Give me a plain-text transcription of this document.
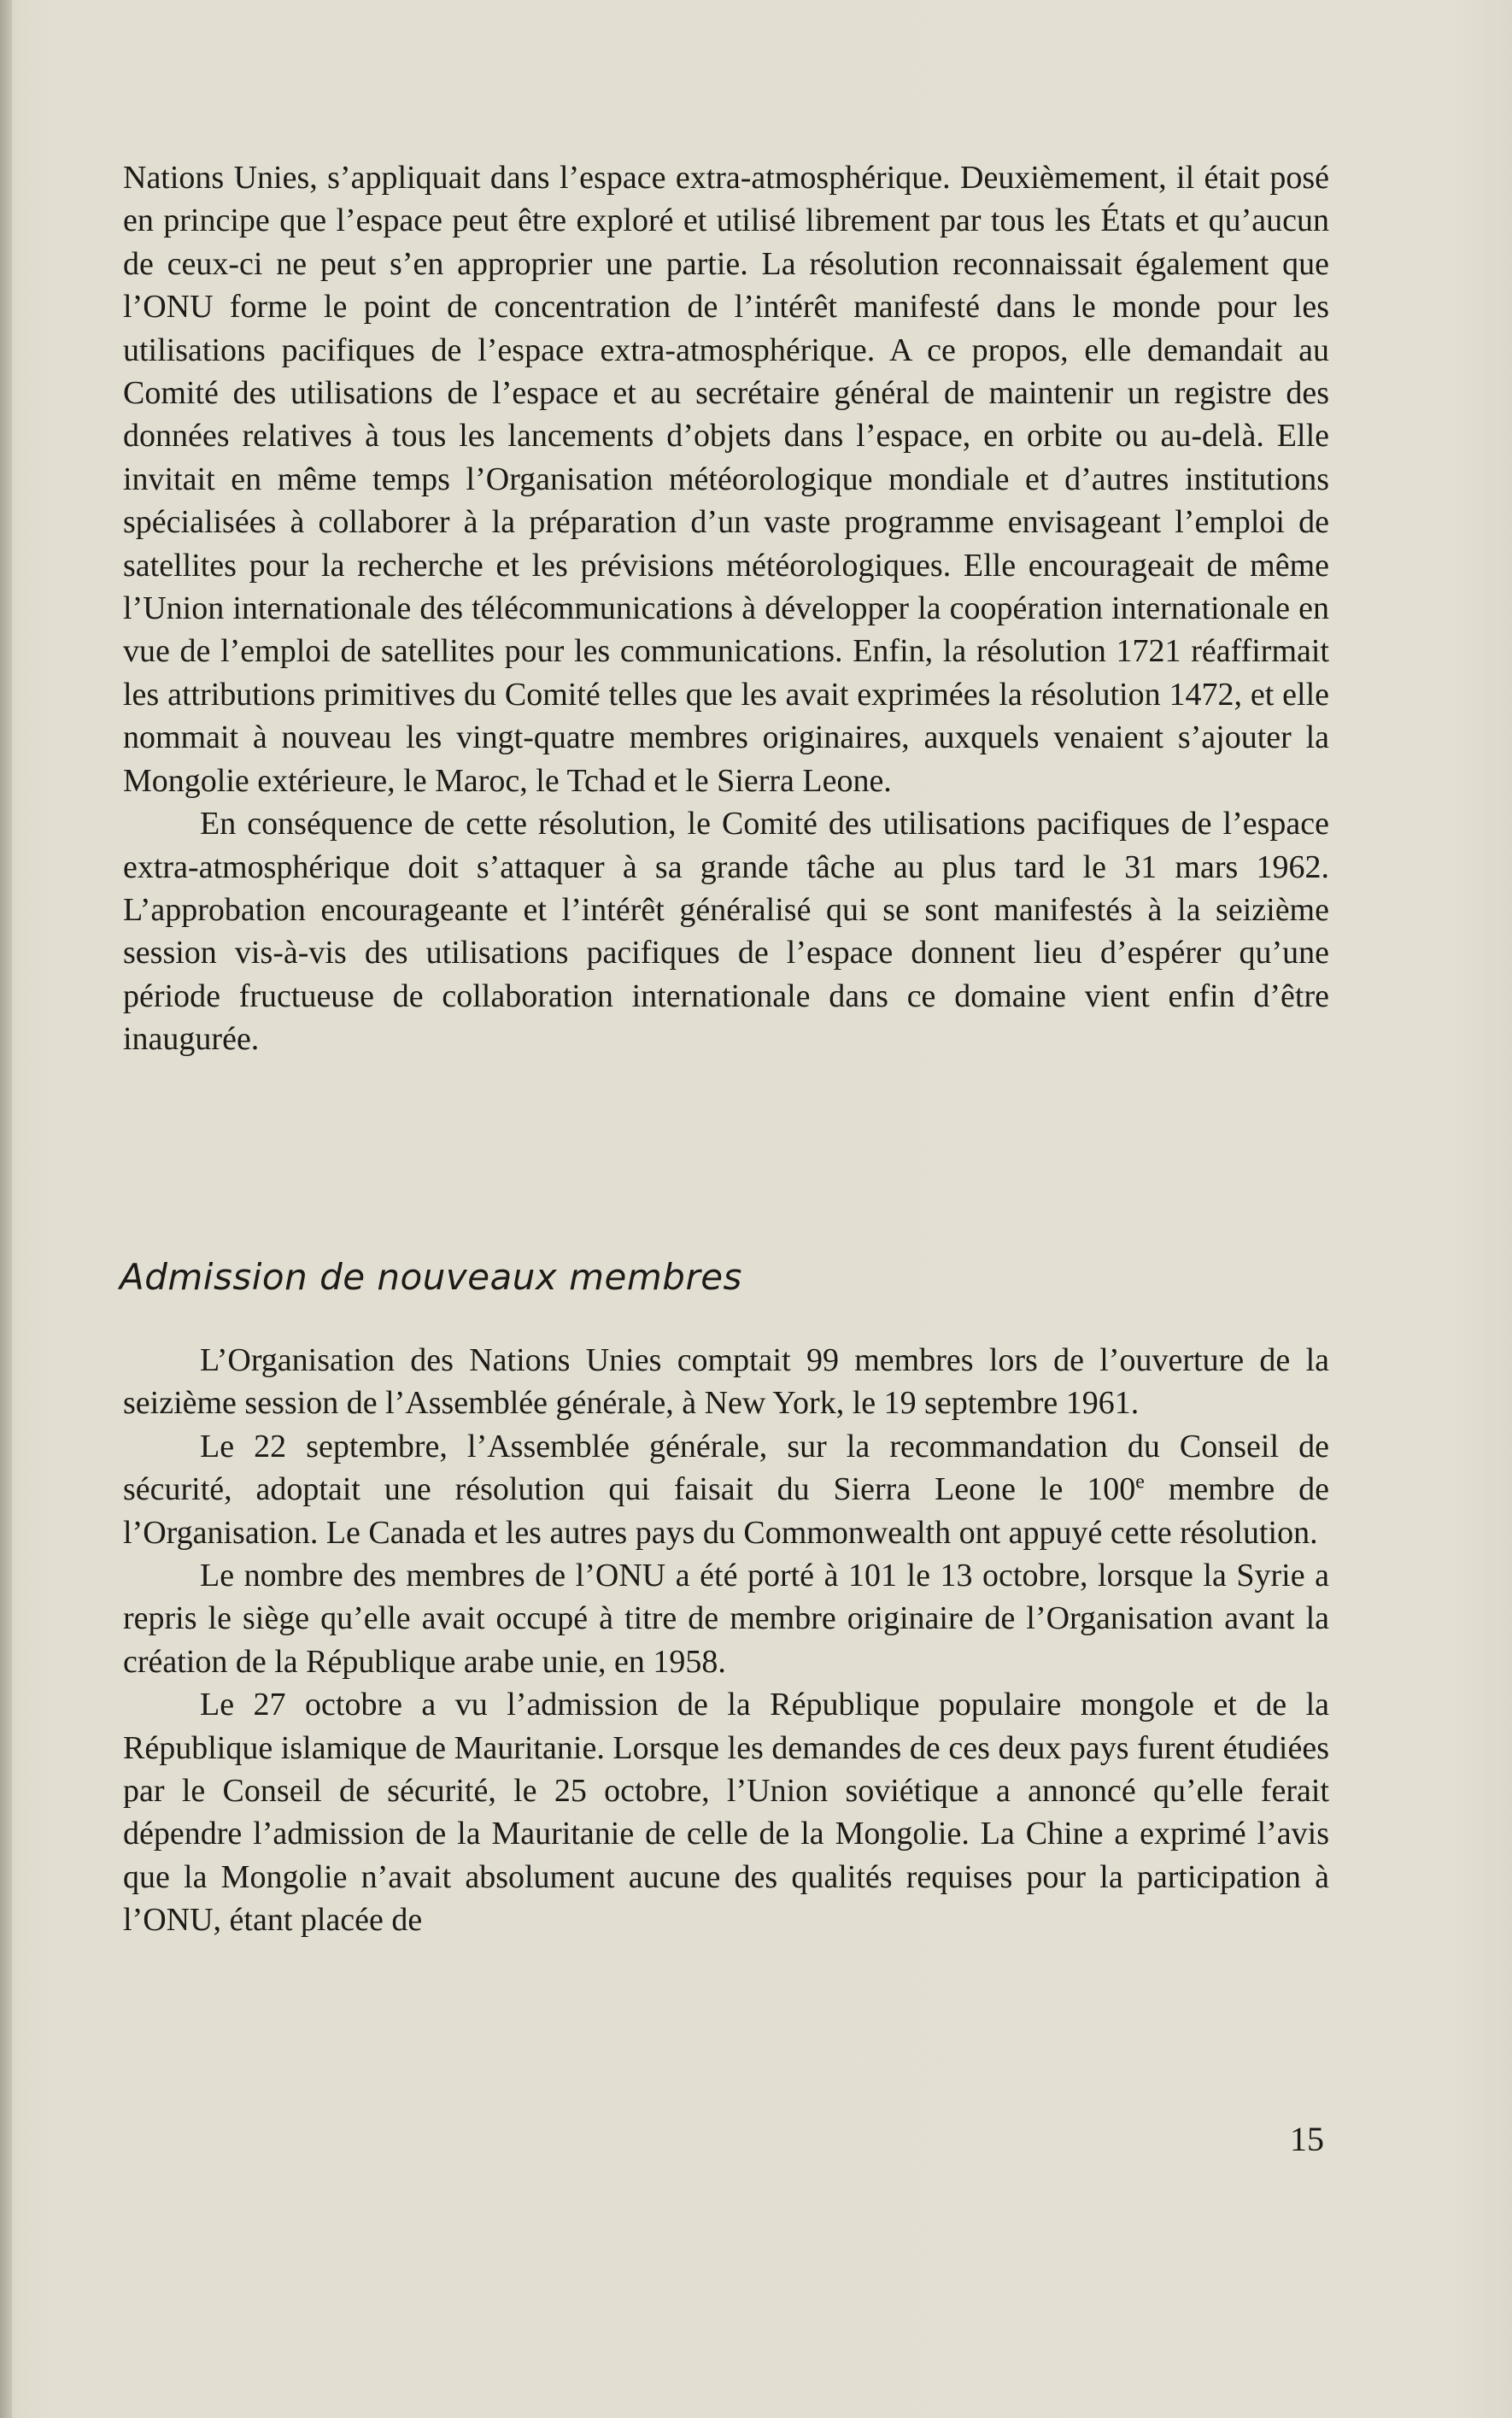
Nations Unies, s’appliquait dans l’espace extra-atmosphérique. Deuxièmement, il était posé en principe que l’espace peut être exploré et utilisé librement par tous les États et qu’aucun de ceux-ci ne peut s’en approprier une partie. La résolution reconnaissait également que l’ONU forme le point de concentration de l’intérêt manifesté dans le monde pour les utilisations pacifiques de l’espace extra-atmosphérique. A ce propos, elle demandait au Comité des utilisations de l’espace et au secrétaire général de maintenir un registre des données relatives à tous les lancements d’objets dans l’espace, en orbite ou au-delà. Elle invitait en même temps l’Organisation météorologique mondiale et d’autres institutions spécialisées à collaborer à la préparation d’un vaste programme envisageant l’emploi de satellites pour la recherche et les prévisions météorologiques. Elle encourageait de même l’Union internationale des télécommunications à développer la coopération internationale en vue de l’emploi de satellites pour les communications. Enfin, la résolution 1721 réaffirmait les attributions primitives du Comité telles que les avait exprimées la résolution 1472, et elle nommait à nouveau les vingt-quatre membres originaires, auxquels venaient s’ajouter la Mongolie extérieure, le Maroc, le Tchad et le Sierra Leone.

En conséquence de cette résolution, le Comité des utilisations pacifiques de l’espace extra-atmosphérique doit s’attaquer à sa grande tâche au plus tard le 31 mars 1962. L’approbation encourageante et l’intérêt généralisé qui se sont manifestés à la seizième session vis-à-vis des utilisations pacifiques de l’espace donnent lieu d’espérer qu’une période fructueuse de collaboration internationale dans ce domaine vient enfin d’être inaugurée.

Admission de nouveaux membres

L’Organisation des Nations Unies comptait 99 membres lors de l’ouverture de la seizième session de l’Assemblée générale, à New York, le 19 septembre 1961.

Le 22 septembre, l’Assemblée générale, sur la recommandation du Conseil de sécurité, adoptait une résolution qui faisait du Sierra Leone le 100e membre de l’Organisation. Le Canada et les autres pays du Commonwealth ont appuyé cette résolution.

Le nombre des membres de l’ONU a été porté à 101 le 13 octobre, lorsque la Syrie a repris le siège qu’elle avait occupé à titre de membre originaire de l’Organisation avant la création de la République arabe unie, en 1958.

Le 27 octobre a vu l’admission de la République populaire mongole et de la République islamique de Mauritanie. Lorsque les demandes de ces deux pays furent étudiées par le Conseil de sécurité, le 25 octobre, l’Union soviétique a annoncé qu’elle ferait dépendre l’admission de la Mauritanie de celle de la Mongolie. La Chine a exprimé l’avis que la Mongolie n’avait absolument aucune des qualités requises pour la participation à l’ONU, étant placée de

15
